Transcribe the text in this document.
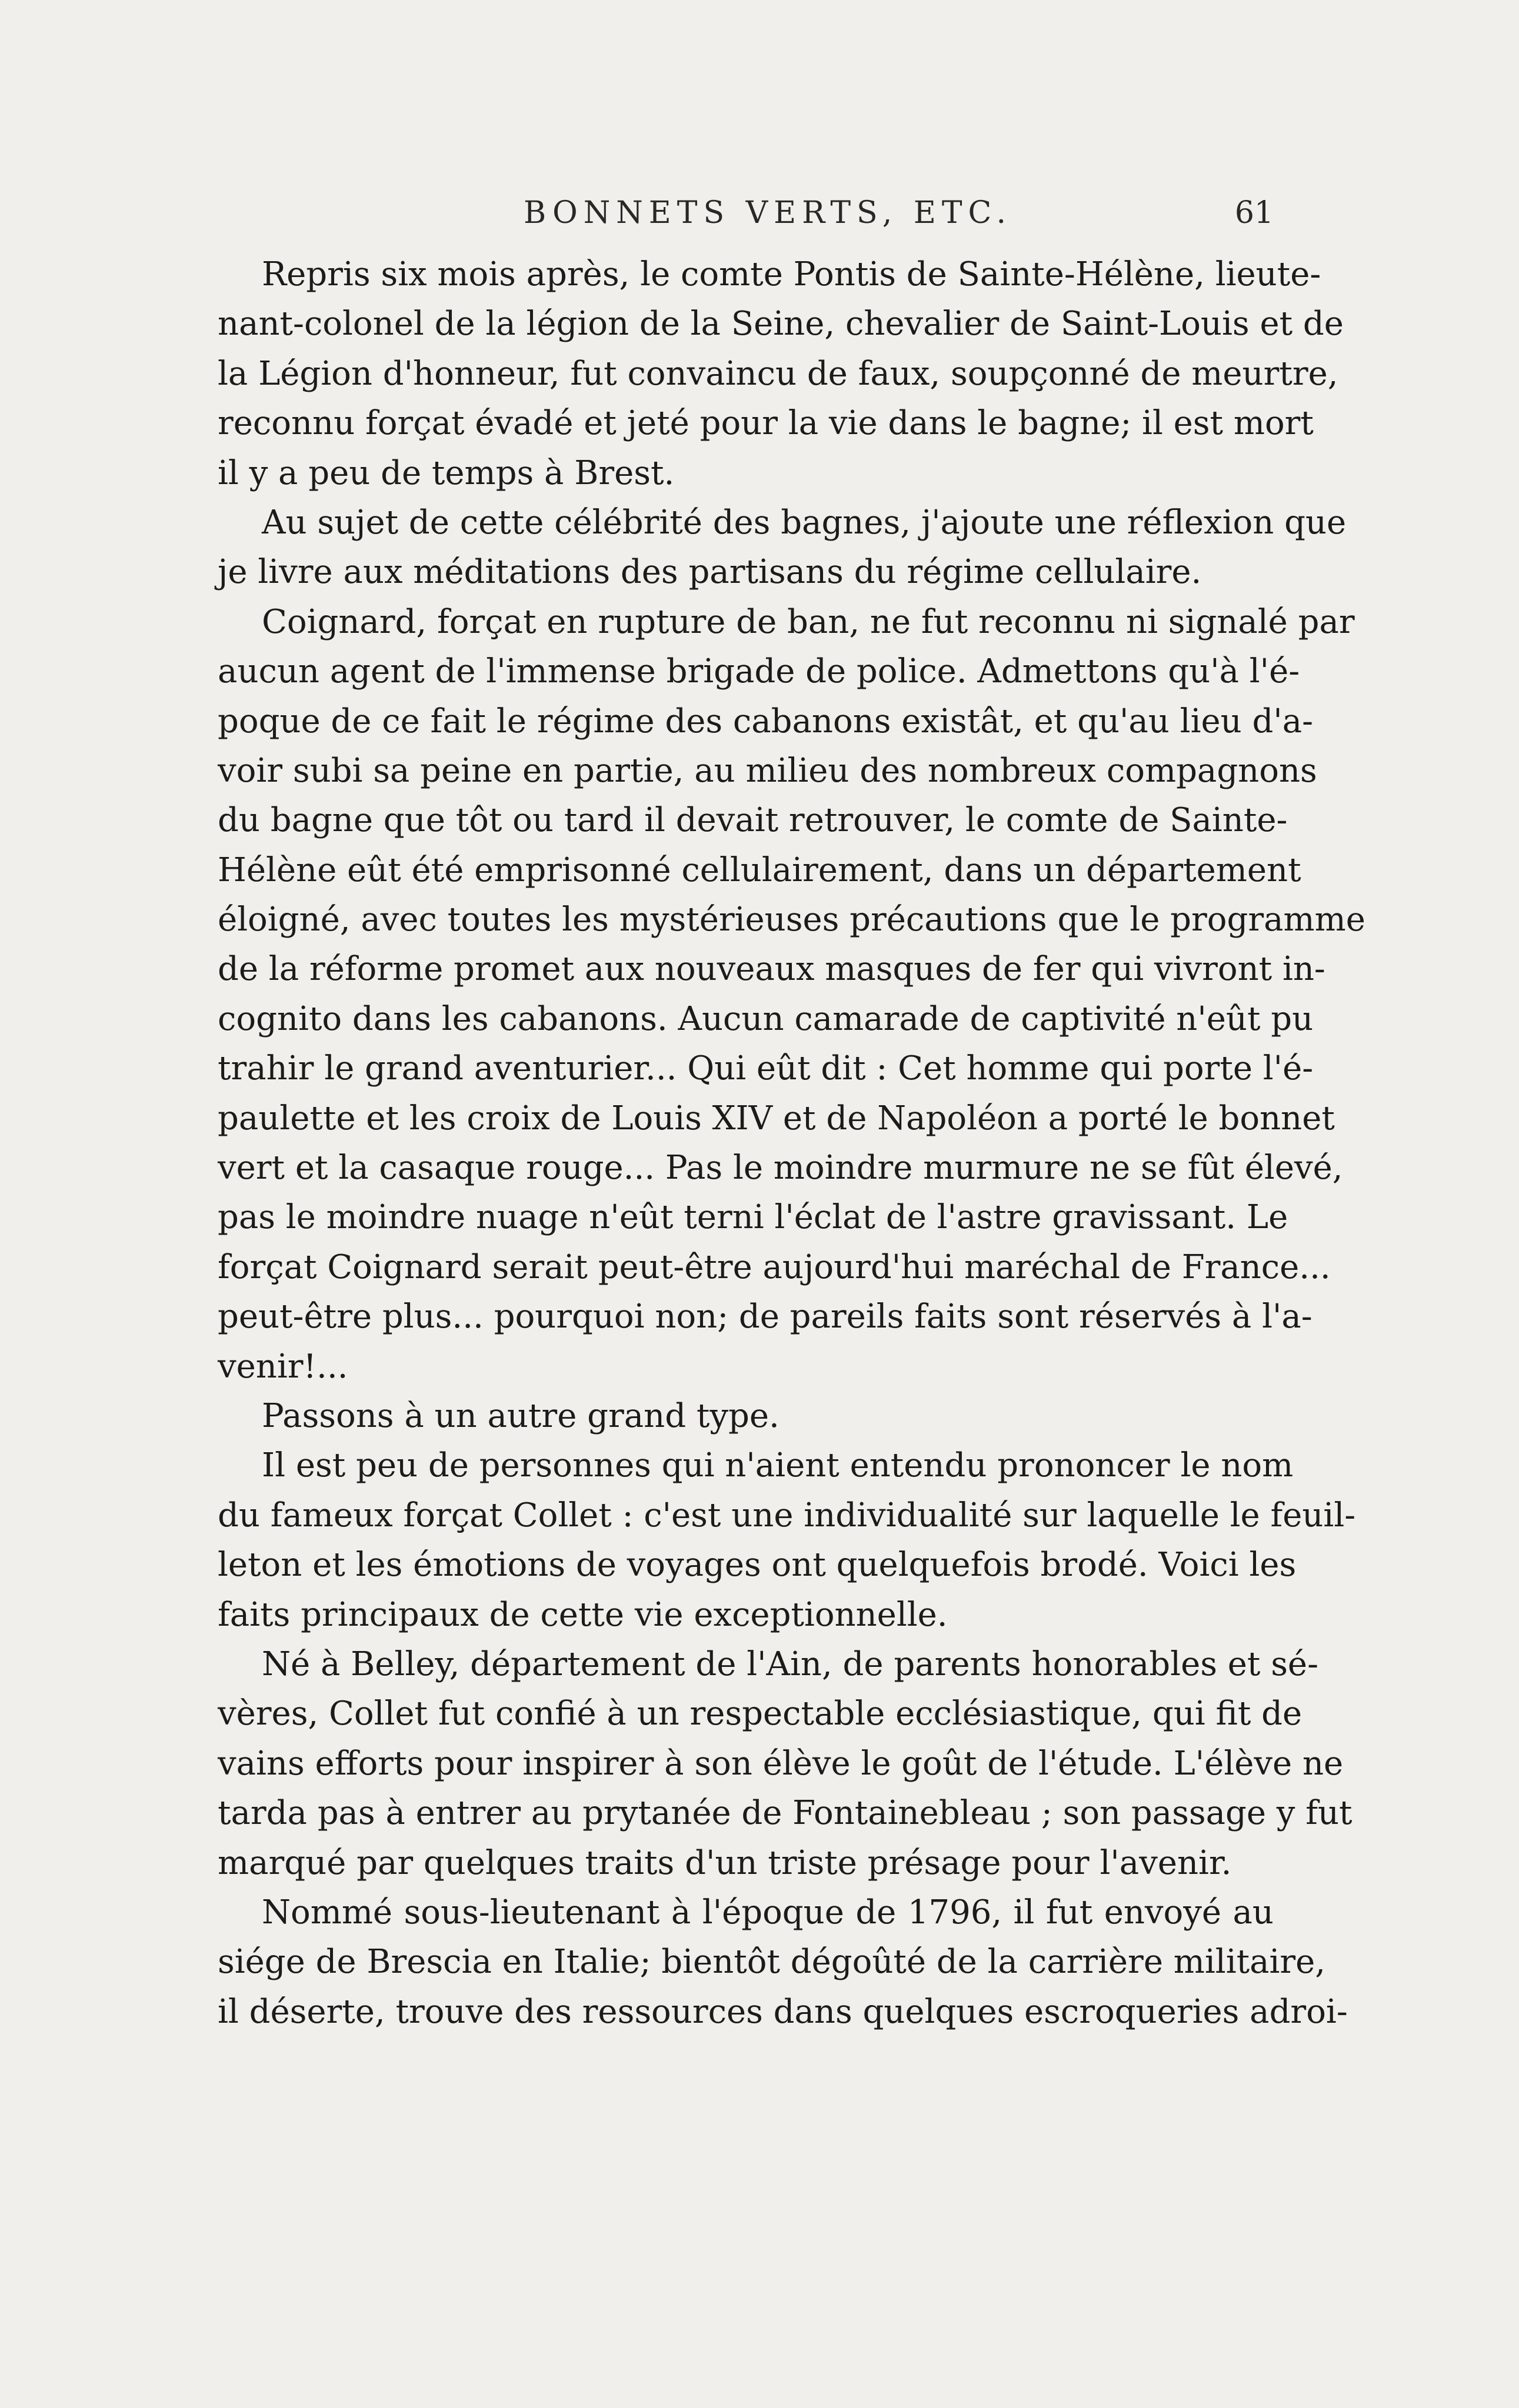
BONNETS VERTS, ETC.	61
Repris six mois après, le comte Pontis de Sainte-Hélène, lieute-
nant-colonel de la légion de la Seine, chevalier de Saint-Louis et de
la Légion d'honneur, fut convaincu de faux, soupçonné de meurtre,
reconnu forçat évadé et jeté pour la vie dans le bagne; il est mort
il y a peu de temps à Brest.
Au sujet de cette célébrité des bagnes, j'ajoute une réflexion que
je livre aux méditations des partisans du régime cellulaire.
Coignard, forçat en rupture de ban, ne fut reconnu ni signalé par
aucun agent de l'immense brigade de police. Admettons qu'à l'é-
poque de ce fait le régime des cabanons existât, et qu'au lieu d'a-
voir subi sa peine en partie, au milieu des nombreux compagnons
du bagne que tôt ou tard il devait retrouver, le comte de Sainte-
Hélène eût été emprisonné cellulairement, dans un département
éloigné, avec toutes les mystérieuses précautions que le programme
de la réforme promet aux nouveaux masques de fer qui vivront in-
cognito dans les cabanons. Aucun camarade de captivité n'eût pu
trahir le grand aventurier... Qui eût dit : Cet homme qui porte l'é-
paulette et les croix de Louis XIV et de Napoléon a porté le bonnet
vert et la casaque rouge... Pas le moindre murmure ne se fût élevé,
pas le moindre nuage n'eût terni l'éclat de l'astre gravissant. Le
forçat Coignard serait peut-être aujourd'hui maréchal de France...
peut-être plus... pourquoi non; de pareils faits sont réservés à l'a-
venir!...
Passons à un autre grand type.
Il est peu de personnes qui n'aient entendu prononcer le nom
du fameux forçat Collet : c'est une individualité sur laquelle le feuil-
leton et les émotions de voyages ont quelquefois brodé. Voici les
faits principaux de cette vie exceptionnelle.
Né à Belley, département de l'Ain, de parents honorables et sé-
vères, Collet fut confié à un respectable ecclésiastique, qui fit de
vains efforts pour inspirer à son élève le goût de l'étude. L'élève ne
tarda pas à entrer au prytanée de Fontainebleau ; son passage y fut
marqué par quelques traits d'un triste présage pour l'avenir.
Nommé sous-lieutenant à l'époque de 1796, il fut envoyé au
siége de Brescia en Italie; bientôt dégoûté de la carrière militaire,
il déserte, trouve des ressources dans quelques escroqueries adroi-
